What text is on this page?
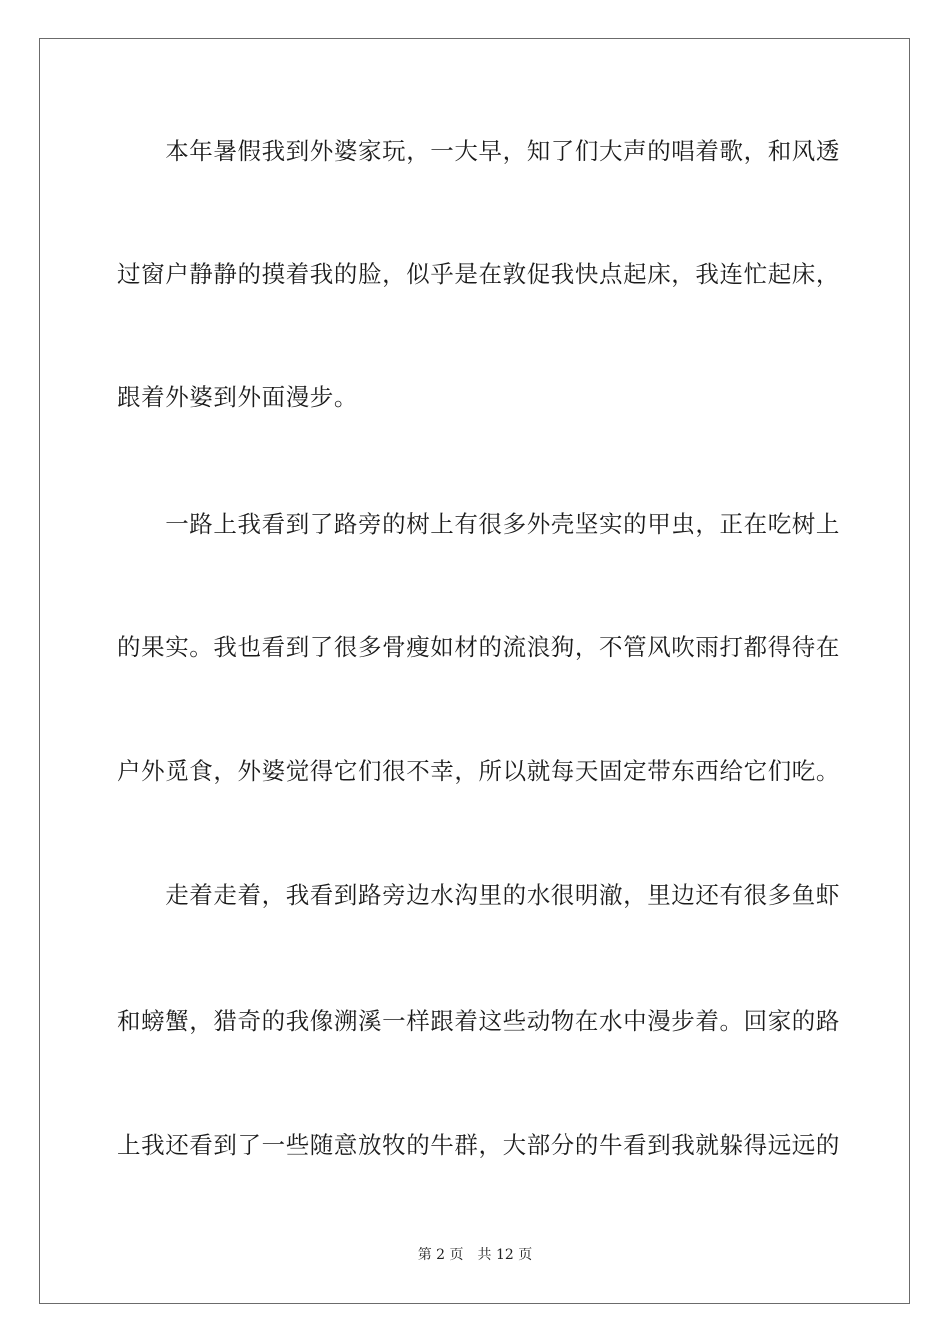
　　本年暑假我到外婆家玩，一大早，知了们大声的唱着歌，和风透
过窗户静静的摸着我的脸，似乎是在敦促我快点起床，我连忙起床，
跟着外婆到外面漫步。
　　一路上我看到了路旁的树上有很多外壳坚实的甲虫，正在吃树上
的果实。我也看到了很多骨瘦如材的流浪狗，不管风吹雨打都得待在
户外觅食，外婆觉得它们很不幸，所以就每天固定带东西给它们吃。
　　走着走着，我看到路旁边水沟里的水很明澈，里边还有很多鱼虾
和螃蟹，猎奇的我像溯溪一样跟着这些动物在水中漫步着。回家的路
上我还看到了一些随意放牧的牛群，大部分的牛看到我就躲得远远的
第 2 页 共 12 页
